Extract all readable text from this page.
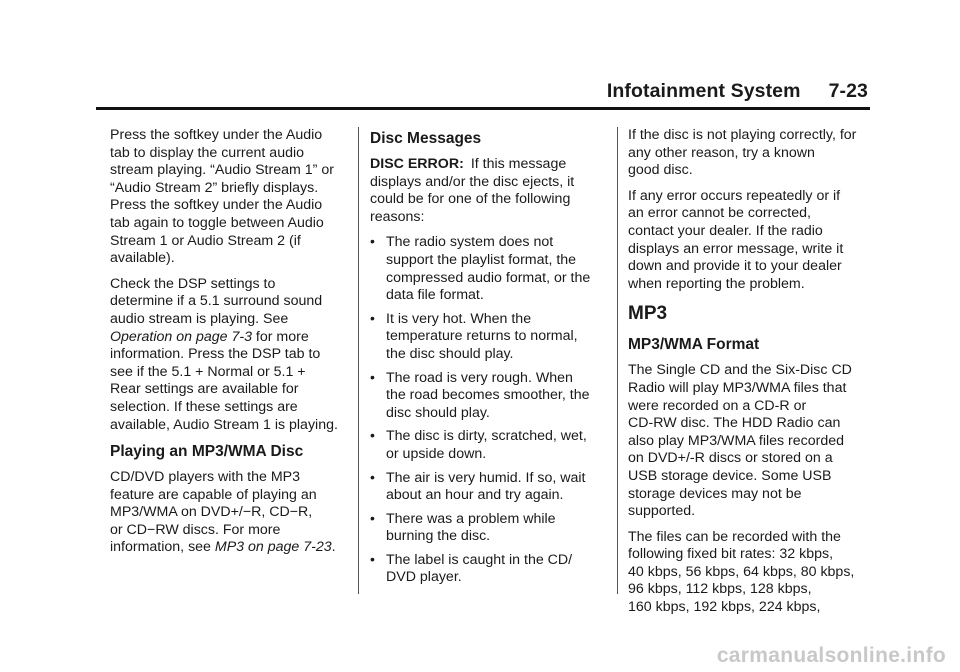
Infotainment System 7-23

Press the softkey under the Audio
tab to display the current audio
stream playing. “Audio Stream 1” or
“Audio Stream 2” briefly displays.
Press the softkey under the Audio
tab again to toggle between Audio
Stream 1 or Audio Stream 2 (if
available).

Check the DSP settings to
determine if a 5.1 surround sound
audio stream is playing. See
Operation on page 7‑3 for more
information. Press the DSP tab to
see if the 5.1 + Normal or 5.1 +
Rear settings are available for
selection. If these settings are
available, Audio Stream 1 is playing.

Playing an MP3/WMA Disc

CD/DVD players with the MP3
feature are capable of playing an
MP3/WMA on DVD+/−R, CD−R,
or CD−RW discs. For more
information, see MP3 on page 7‑23.

Disc Messages

DISC ERROR: If this message
displays and/or the disc ejects, it
could be for one of the following
reasons:

• The radio system does not
support the playlist format, the
compressed audio format, or the
data file format.
• It is very hot. When the
temperature returns to normal,
the disc should play.
• The road is very rough. When
the road becomes smoother, the
disc should play.
• The disc is dirty, scratched, wet,
or upside down.
• The air is very humid. If so, wait
about an hour and try again.
• There was a problem while
burning the disc.
• The label is caught in the CD/
DVD player.

If the disc is not playing correctly, for
any other reason, try a known
good disc.

If any error occurs repeatedly or if
an error cannot be corrected,
contact your dealer. If the radio
displays an error message, write it
down and provide it to your dealer
when reporting the problem.

MP3
MP3/WMA Format

The Single CD and the Six-Disc CD
Radio will play MP3/WMA files that
were recorded on a CD-R or
CD-RW disc. The HDD Radio can
also play MP3/WMA files recorded
on DVD+/-R discs or stored on a
USB storage device. Some USB
storage devices may not be
supported.

The files can be recorded with the
following fixed bit rates: 32 kbps,
40 kbps, 56 kbps, 64 kbps, 80 kbps,
96 kbps, 112 kbps, 128 kbps,
160 kbps, 192 kbps, 224 kbps,

carmanualsonline.info
